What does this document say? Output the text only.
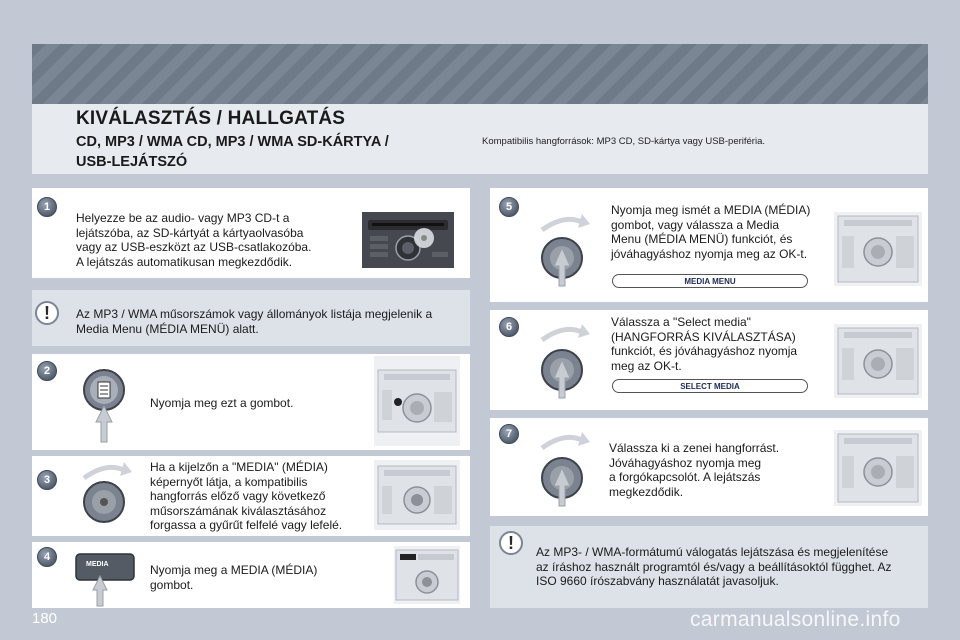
KIVÁLASZTÁS / HALLGATÁS
CD, MP3 / WMA CD, MP3 / WMA SD-KÁRTYA /
USB-LEJÁTSZÓ
Kompatibilis hangforrások: MP3 CD, SD-kártya vagy USB-periféria.
1
Helyezze be az audio- vagy MP3 CD-t a
lejátszóba, az SD-kártyát a kártyaolvasóba
vagy az USB-eszközt az USB-csatlakozóba.
A lejátszás automatikusan megkezdődik.
!	Az MP3 / WMA műsorszámok vagy állományok listája megjelenik a
Media Menu (MÉDIA MENÜ) alatt.
2
Nyomja meg ezt a gombot.
3
Ha a kijelzőn a "MEDIA" (MÉDIA)
képernyőt látja, a kompatibilis
hangforrás előző vagy következő
műsorszámának kiválasztásához
forgassa a gyűrűt felfelé vagy lefelé.
4
MEDIA	Nyomja meg a MEDIA (MÉDIA)
gombot.
5	Nyomja meg ismét a MEDIA (MÉDIA)
gombot, vagy válassza a Media
Menu (MÉDIA MENÜ) funkciót, és
jóváhagyáshoz nyomja meg az OK-t.
MEDIA MENU
6	Válassza a "Select media"
(HANGFORRÁS KIVÁLASZTÁSA)
funkciót, és jóváhagyáshoz nyomja
meg az OK-t.
SELECT MEDIA
7
Válassza ki a zenei hangforrást.
Jóváhagyáshoz nyomja meg
a forgókapcsolót. A lejátszás
megkezdődik.
!	Az MP3- / WMA-formátumú válogatás lejátszása és megjelenítése
az íráshoz használt programtól és/vagy a beállításoktól függhet. Az
ISO 9660 írószabvány használatát javasoljuk.
180	carmanualsonline.info
